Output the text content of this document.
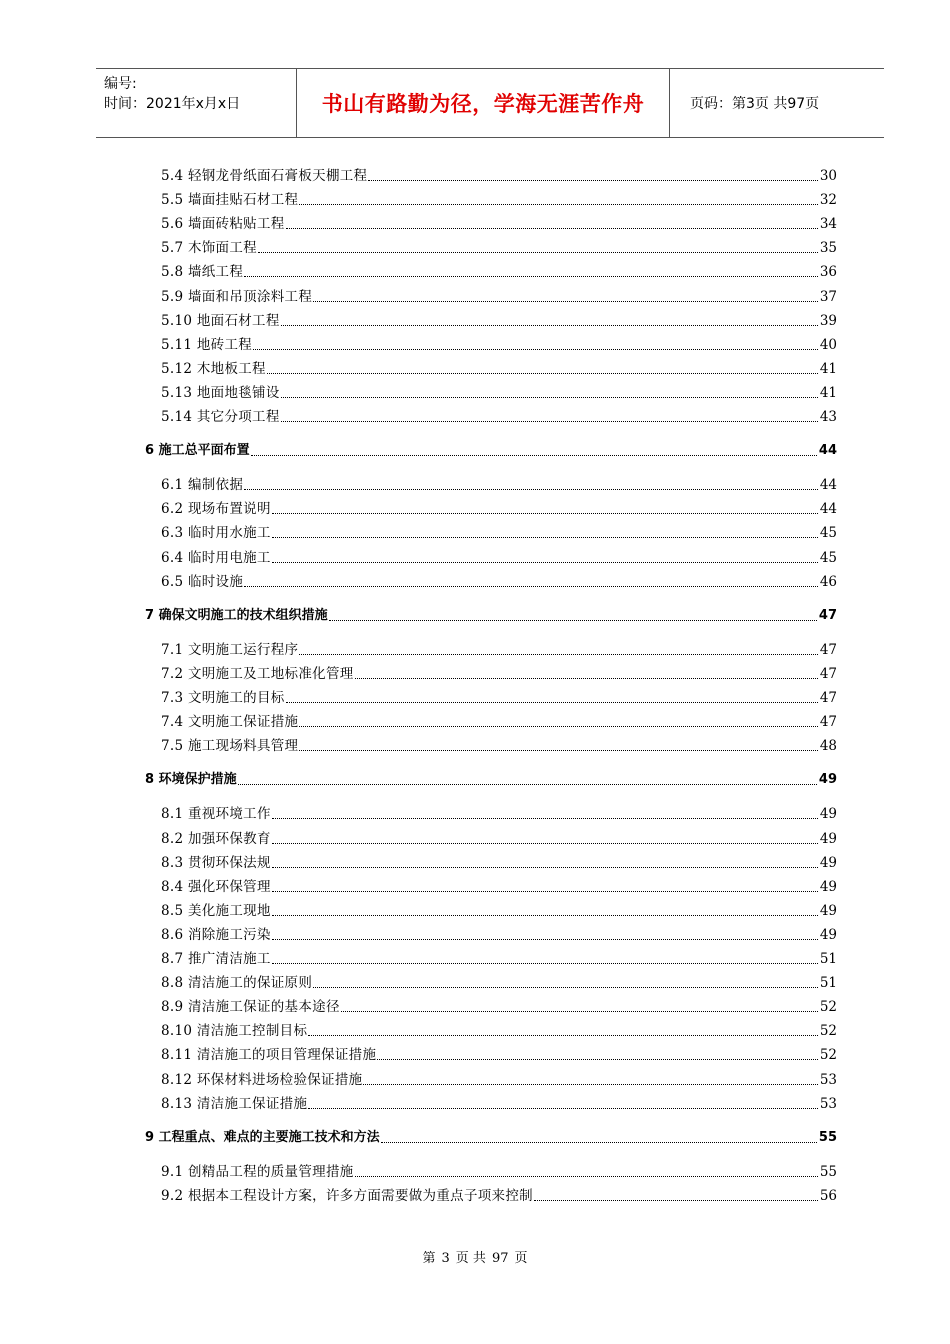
编号:
时间：2021年x月x日	书山有路勤为径，学海无涯苦作舟	页码：第3页 共97页
5.4 轻钢龙骨纸面石膏板天棚工程	30
5.5 墙面挂贴石材工程	32
5.6 墙面砖粘贴工程	34
5.7 木饰面工程	35
5.8 墙纸工程	36
5.9 墙面和吊顶涂料工程	37
5.10 地面石材工程	39
5.11 地砖工程	40
5.12 木地板工程	41
5.13 地面地毯铺设	41
5.14 其它分项工程	43
6 施工总平面布置	44
6.1 编制依据	44
6.2 现场布置说明	44
6.3 临时用水施工	45
6.4 临时用电施工	45
6.5 临时设施	46
7 确保文明施工的技术组织措施	47
7.1 文明施工运行程序	47
7.2 文明施工及工地标准化管理	47
7.3 文明施工的目标	47
7.4 文明施工保证措施	47
7.5 施工现场料具管理	48
8 环境保护措施	49
8.1 重视环境工作	49
8.2 加强环保教育	49
8.3 贯彻环保法规	49
8.4 强化环保管理	49
8.5 美化施工现地	49
8.6 消除施工污染	49
8.7 推广清洁施工	51
8.8 清洁施工的保证原则	51
8.9 清洁施工保证的基本途径	52
8.10 清洁施工控制目标	52
8.11 清洁施工的项目管理保证措施	52
8.12 环保材料进场检验保证措施	53
8.13 清洁施工保证措施	53
9 工程重点、难点的主要施工技术和方法	55
9.1 创精品工程的质量管理措施	55
9.2 根据本工程设计方案，许多方面需要做为重点子项来控制	56
第 3 页 共 97 页
